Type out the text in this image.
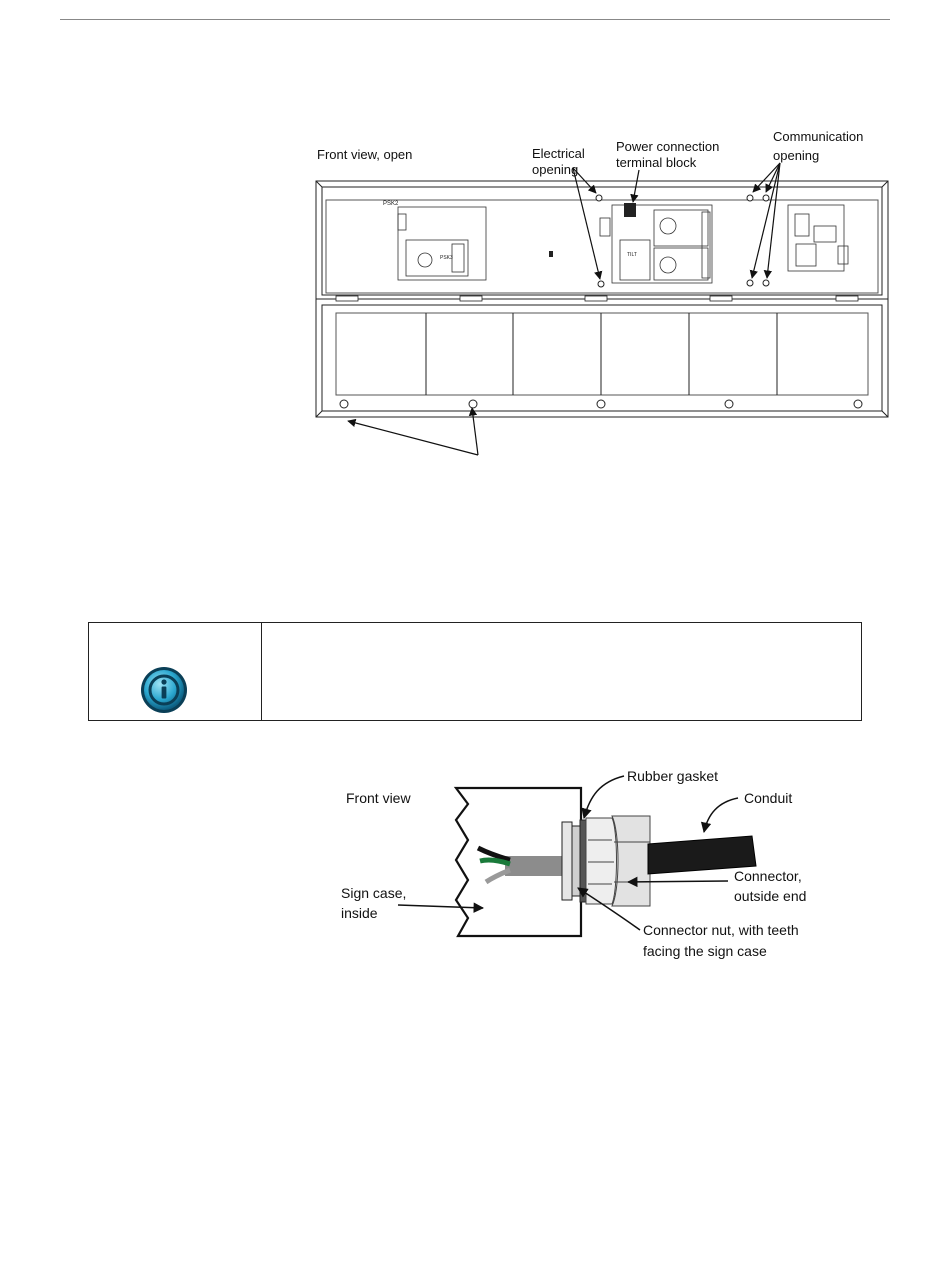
Front view, open	Electrical
opening
Power connection
terminal block
Communication
opening
PSK2
PSK3	TILT
Front view
Rubber gasket
Conduit
Sign case,
inside
Connector,
outside end
Connector nut, with teeth
facing the sign case
